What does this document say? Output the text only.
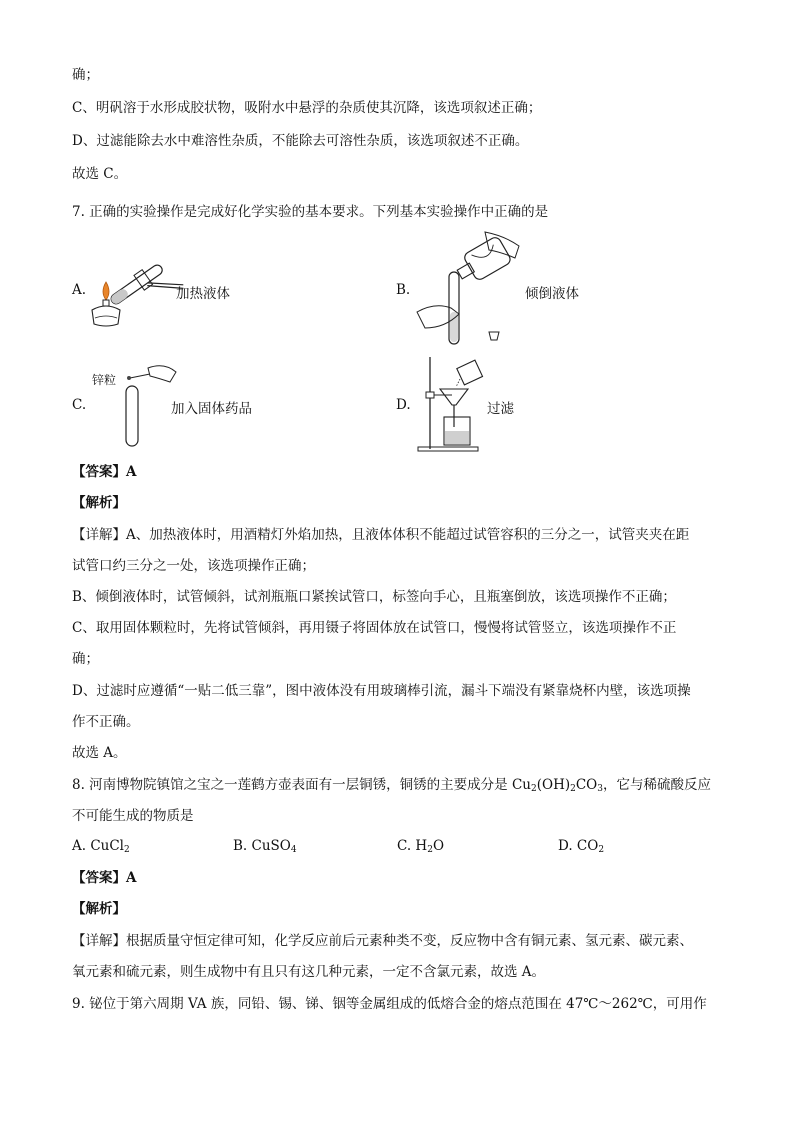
确；
C、明矾溶于水形成胶状物，吸附水中悬浮的杂质使其沉降，该选项叙述正确；
D、过滤能除去水中难溶性杂质，不能除去可溶性杂质，该选项叙述不正确。
故选 C。
7. 正确的实验操作是完成好化学实验的基本要求。下列基本实验操作中正确的是
A.	加热液体	B.	倾倒液体
C.
锌粒
加入固体药品	D.	过滤
【答案】A
【解析】
【详解】A、加热液体时，用酒精灯外焰加热，且液体体积不能超过试管容积的三分之一，试管夹夹在距
试管口约三分之一处，该选项操作正确；
B、倾倒液体时，试管倾斜，试剂瓶瓶口紧挨试管口，标签向手心，且瓶塞倒放，该选项操作不正确；
C、取用固体颗粒时，先将试管倾斜，再用镊子将固体放在试管口，慢慢将试管竖立，该选项操作不正
确；
D、过滤时应遵循“一贴二低三靠”，图中液体没有用玻璃棒引流，漏斗下端没有紧靠烧杯内壁，该选项操
作不正确。
故选 A。
8. 河南博物院镇馆之宝之一莲鹤方壶表面有一层铜锈，铜锈的主要成分是 $Cu_2(OH)_2CO_3$，它与稀硫酸反应
不可能生成的物质是
A. CuCl$_2$	B. CuSO$_4$	C. $H_2O$	D. $CO_2$
【答案】A
【解析】
【详解】根据质量守恒定律可知，化学反应前后元素种类不变，反应物中含有铜元素、氢元素、碳元素、
氧元素和硫元素，则生成物中有且只有这几种元素，一定不含氯元素，故选 A。
9. 铋位于第六周期 VA 族，同铅、锡、锑、铟等金属组成的低熔合金的熔点范围在 47℃～262℃，可用作
